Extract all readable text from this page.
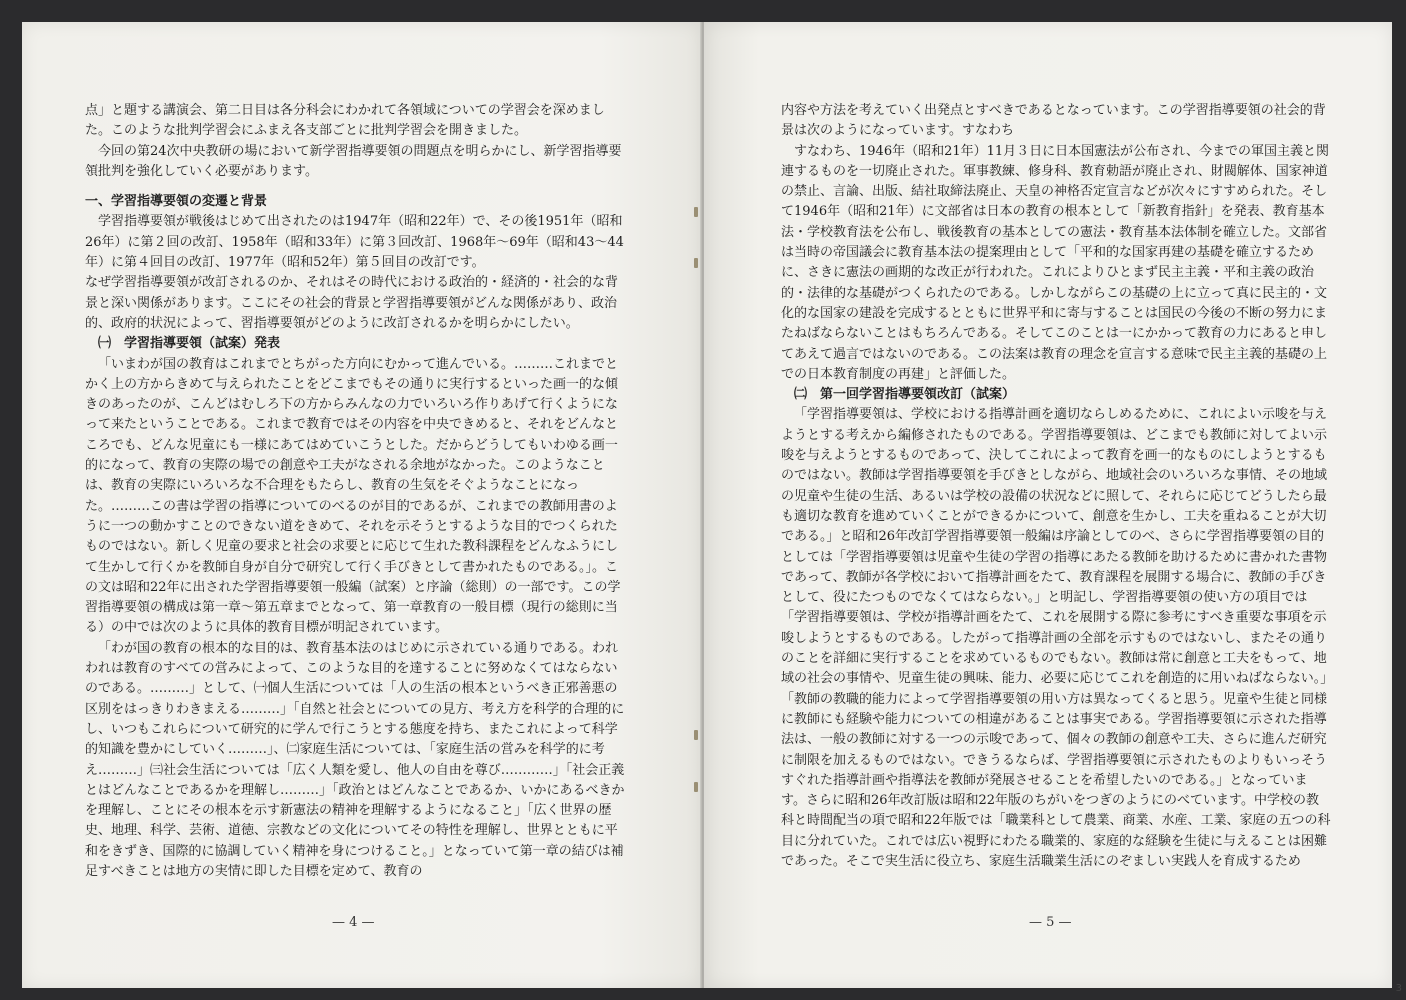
点」と題する講演会、第二日目は各分科会にわかれて各領域についての学習会を深めました。このような批判学習会にふまえ各支部ごとに批判学習会を開きました。

今回の第24次中央教研の場において新学習指導要領の問題点を明らかにし、新学習指導要領批判を強化していく必要があります。

一、学習指導要領の変遷と背景

学習指導要領が戦後はじめて出されたのは1947年（昭和22年）で、その後1951年（昭和26年）に第２回の改訂、1958年（昭和33年）に第３回改訂、1968年〜69年（昭和43〜44年）に第４回目の改訂、1977年（昭和52年）第５回目の改訂です。

なぜ学習指導要領が改訂されるのか、それはその時代における政治的・経済的・社会的な背景と深い関係があります。ここにその社会的背景と学習指導要領がどんな関係があり、政治的、政府的状況によって、習指導要領がどのように改訂されるかを明らかにしたい。

㈠　学習指導要領（試案）発表

「いまわが国の教育はこれまでとちがった方向にむかって進んでいる。………これまでとかく上の方からきめて与えられたことをどこまでもその通りに実行するといった画一的な傾きのあったのが、こんどはむしろ下の方からみんなの力でいろいろ作りあげて行くようになって来たということである。これまで教育ではその内容を中央できめると、それをどんなところでも、どんな児童にも一様にあてはめていこうとした。だからどうしてもいわゆる画一的になって、教育の実際の場での創意や工夫がなされる余地がなかった。このようなことは、教育の実際にいろいろな不合理をもたらし、教育の生気をそぐようなことになった。………この書は学習の指導についてのべるのが目的であるが、これまでの教師用書のように一つの動かすことのできない道をきめて、それを示そうとするような目的でつくられたものではない。新しく児童の要求と社会の求要とに応じて生れた教科課程をどんなふうにして生かして行くかを教師自身が自分で研究して行く手びきとして書かれたものである。」。この文は昭和22年に出された学習指導要領一般編（試案）と序論（総則）の一部です。この学習指導要領の構成は第一章〜第五章までとなって、第一章教育の一般目標（現行の総則に当る）の中では次のように具体的教育目標が明記されています。

「わが国の教育の根本的な目的は、教育基本法のはじめに示されている通りである。われわれは教育のすべての営みによって、このような目的を達することに努めなくてはならないのである。………」として、㈠個人生活については「人の生活の根本というべき正邪善悪の区別をはっきりわきまえる………」「自然と社会とについての見方、考え方を科学的合理的にし、いつもこれらについて研究的に学んで行こうとする態度を持ち、またこれによって科学的知識を豊かにしていく………」、㈡家庭生活については、「家庭生活の営みを科学的に考え………」㈢社会生活については「広く人類を愛し、他人の自由を尊び…………」「社会正義とはどんなことであるかを理解し………」「政治とはどんなことであるか、いかにあるべきかを理解し、ことにその根本を示す新憲法の精神を理解するようになること」「広く世界の歴史、地理、科学、芸術、道徳、宗教などの文化についてその特性を理解し、世界とともに平和をきずき、国際的に協調していく精神を身につけること。」となっていて第一章の結びは補足すべきことは地方の実情に即した目標を定めて、教育の

— 4 —

内容や方法を考えていく出発点とすべきであるとなっています。この学習指導要領の社会的背景は次のようになっています。すなわち

すなわち、1946年（昭和21年）11月３日に日本国憲法が公布され、今までの軍国主義と関連するものを一切廃止された。軍事教練、修身科、教育勅語が廃止され、財閥解体、国家神道の禁止、言論、出版、結社取締法廃止、天皇の神格否定宣言などが次々にすすめられた。そして1946年（昭和21年）に文部省は日本の教育の根本として「新教育指針」を発表、教育基本法・学校教育法を公布し、戦後教育の基本としての憲法・教育基本法体制を確立した。文部省は当時の帝国議会に教育基本法の提案理由として「平和的な国家再建の基礎を確立するために、さきに憲法の画期的な改正が行われた。これによりひとまず民主主義・平和主義の政治的・法律的な基礎がつくられたのである。しかしながらこの基礎の上に立って真に民主的・文化的な国家の建設を完成するとともに世界平和に寄与することは国民の今後の不断の努力にまたねばならないことはもちろんである。そしてこのことは一にかかって教育の力にあると申してあえて過言ではないのである。この法案は教育の理念を宣言する意味で民主主義的基礎の上での日本教育制度の再建」と評価した。

㈡　第一回学習指導要領改訂（試案）

「学習指導要領は、学校における指導計画を適切ならしめるために、これによい示唆を与えようとする考えから編修されたものである。学習指導要領は、どこまでも教師に対してよい示唆を与えようとするものであって、決してこれによって教育を画一的なものにしようとするものではない。教師は学習指導要領を手びきとしながら、地域社会のいろいろな事情、その地域の児童や生徒の生活、あるいは学校の設備の状況などに照して、それらに応じてどうしたら最も適切な教育を進めていくことができるかについて、創意を生かし、工夫を重ねることが大切である。」と昭和26年改訂学習指導要領一般編は序論としてのべ、さらに学習指導要領の目的としては「学習指導要領は児童や生徒の学習の指導にあたる教師を助けるために書かれた書物であって、教師が各学校において指導計画をたて、教育課程を展開する場合に、教師の手びきとして、役にたつものでなくてはならない。」と明記し、学習指導要領の使い方の項目では「学習指導要領は、学校が指導計画をたて、これを展開する際に参考にすべき重要な事項を示唆しようとするものである。したがって指導計画の全部を示すものではないし、またその通りのことを詳細に実行することを求めているものでもない。教師は常に創意と工夫をもって、地域の社会の事情や、児童生徒の興味、能力、必要に応じてこれを創造的に用いねばならない。」「教師の教職的能力によって学習指導要領の用い方は異なってくると思う。児童や生徒と同様に教師にも経験や能力についての相違があることは事実である。学習指導要領に示された指導法は、一般の教師に対する一つの示唆であって、個々の教師の創意や工夫、さらに進んだ研究に制限を加えるものではない。できうるならば、学習指導要領に示されたものよりもいっそうすぐれた指導計画や指導法を教師が発展させることを希望したいのである。」となっています。さらに昭和26年改訂版は昭和22年版のちがいをつぎのようにのべています。中学校の教科と時間配当の項で昭和22年版では「職業科として農業、商業、水産、工業、家庭の五つの科目に分れていた。これでは広い視野にわたる職業的、家庭的な経験を生徒に与えることは困難であった。そこで実生活に役立ち、家庭生活職業生活にのぞましい実践人を育成するため

— 5 —
3
